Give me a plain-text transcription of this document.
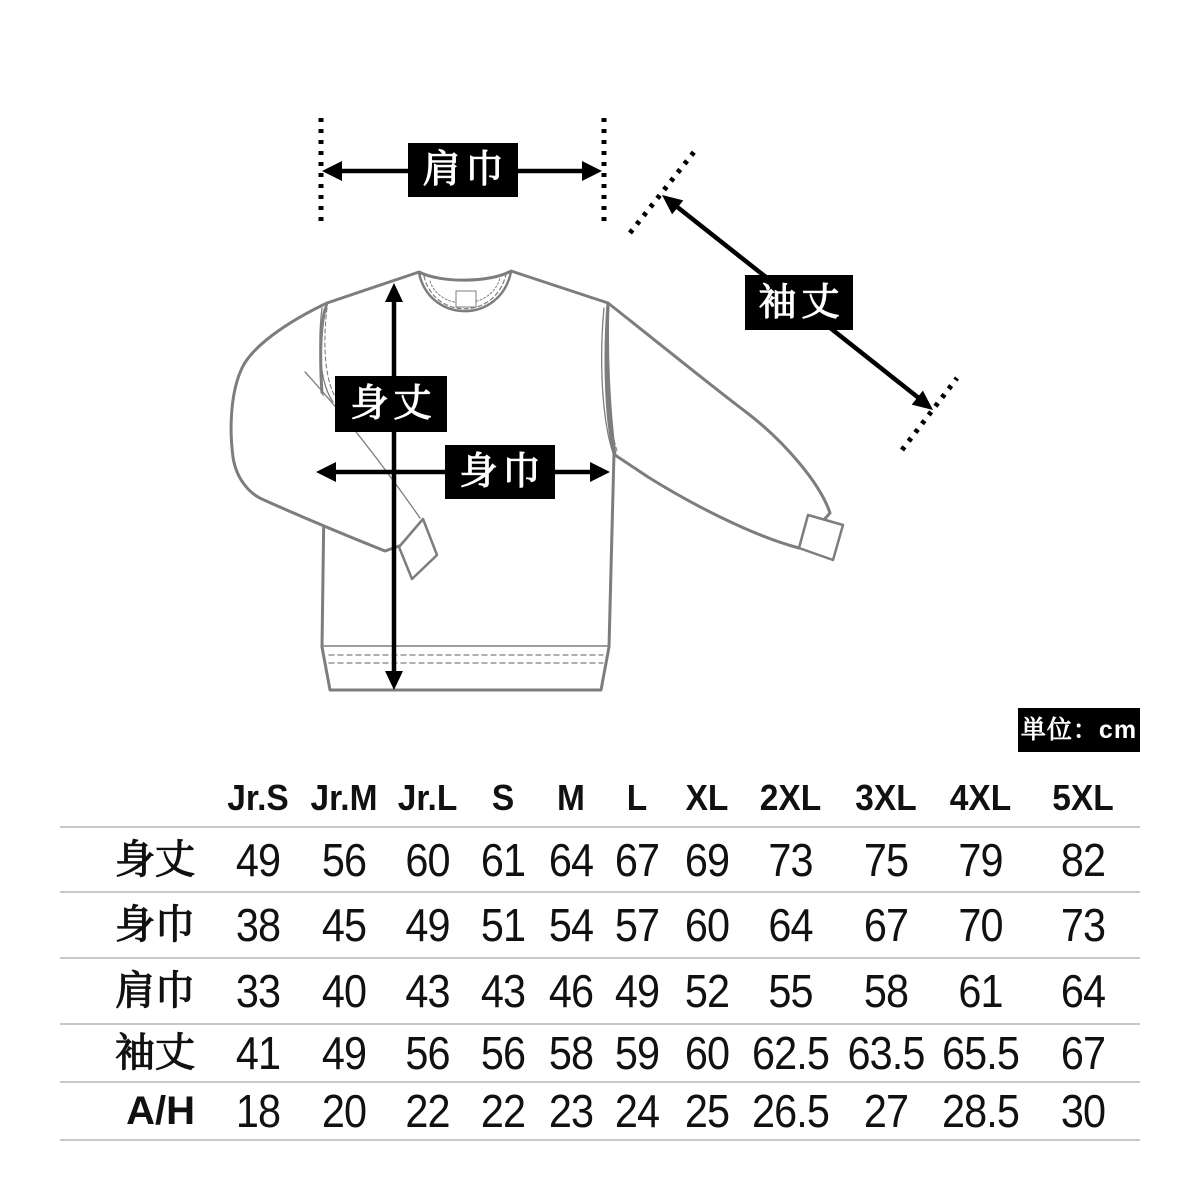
肩巾
袖丈
身丈
身巾
単位：cm
Jr.S Jr.M Jr.L S	M	L	XL 2XL 3XL 4XL	5XL
身丈 49 56 60 61 64 67 69 73	75	79	82
身巾 38 45 49 51 54 57 60 64	67	70	73
肩巾 33 40 43 43 46 49 52 55	58	61	64
袖丈 41 49 56 56 58 59 60 62.5 63.5 65.5 67
A/H 18 20 22 22 23 24 25 26.5 27 28.5 30
